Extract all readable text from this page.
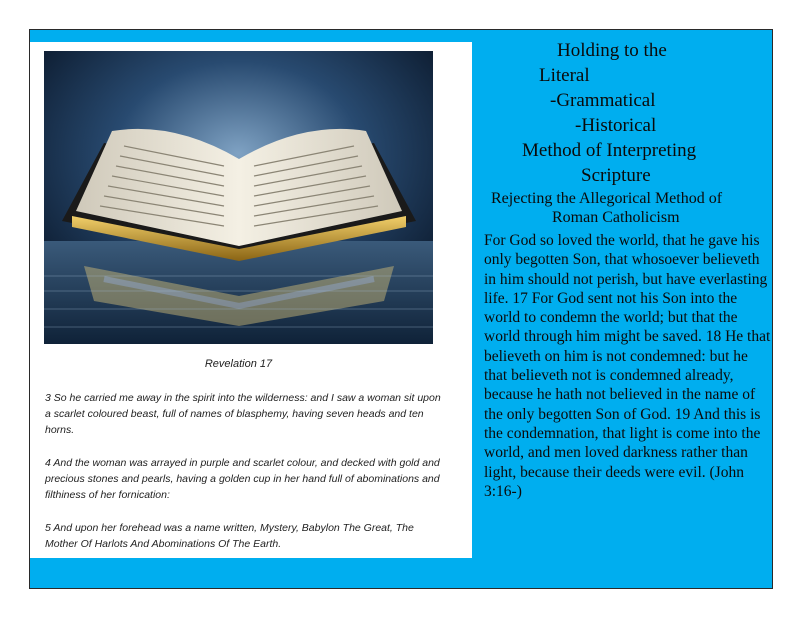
Revelation 17

3 So he carried me away in the spirit into the wilderness: and I saw a woman sit upon a scarlet coloured beast, full of names of blasphemy, having seven heads and ten horns.

4 And the woman was arrayed in purple and scarlet colour, and decked with gold and precious stones and pearls, having a golden cup in her hand full of abominations and filthiness of her fornication:

5 And upon her forehead was a name written, Mystery, Babylon The Great, The Mother Of Harlots And Abominations Of The Earth.

Holding to the
Literal
-Grammatical
-Historical
Method of Interpreting
Scripture
Rejecting the Allegorical Method of
Roman Catholicism

For God so loved the world, that he gave his only begotten Son, that whosoever believeth in him should not perish, but have everlasting life. 17 For God sent not his Son into the world to condemn the world; but that the world through him might be saved. 18 He that believeth on him is not condemned: but he that believeth not is condemned already, because he hath not believed in the name of the only begotten Son of God. 19 And this is the condemnation, that light is come into the world, and men loved darkness rather than light, because their deeds were evil. (John 3:16-)
